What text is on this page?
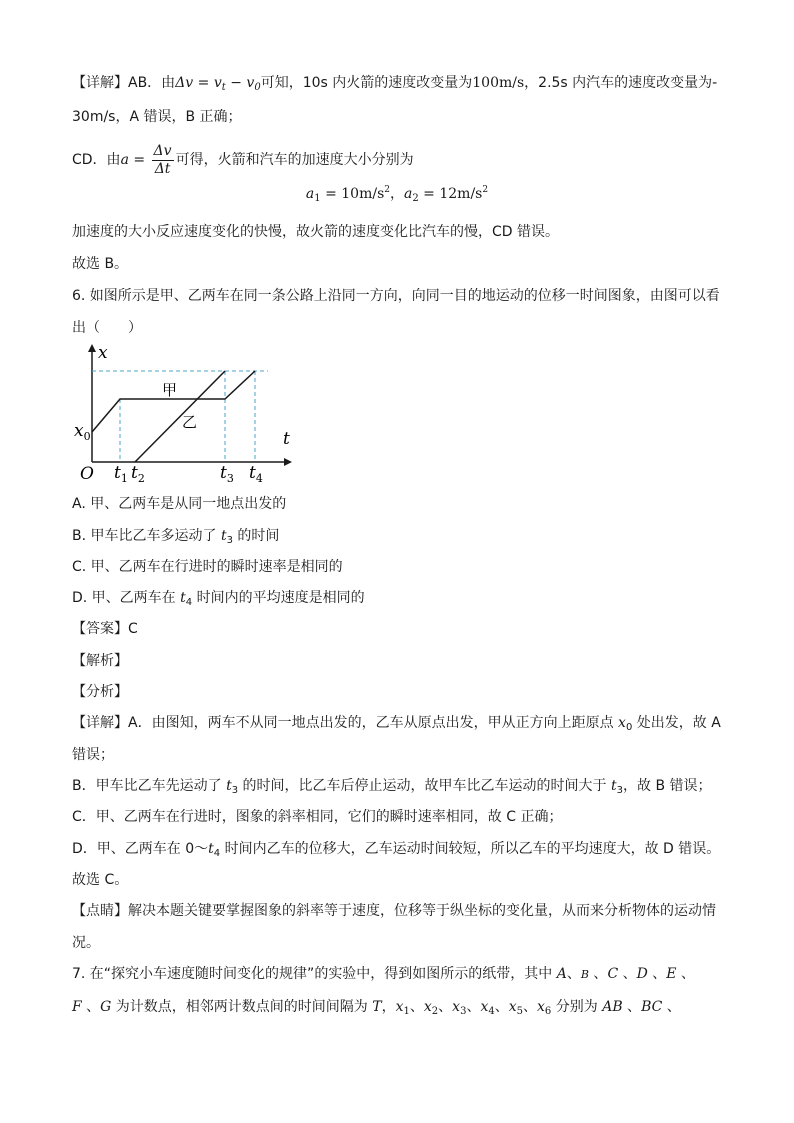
【详解】AB．由$\Delta v = v_t - v_0$可知，10s 内火箭的速度改变量为100m/s，2.5s 内汽车的速度改变量为-
30m/s，A 错误，B 正确；
CD．由$a = \frac{\Delta v}{\Delta t}$ 可得，火箭和汽车的加速度大小分别为
$a_1 = 10m/s^2$，$a_2 = 12m/s^2$
加速度的大小反应速度变化的快慢，故火箭的速度变化比汽车的慢，CD 错误。
故选 B。
6. 如图所示是甲、乙两车在同一条公路上沿同一方向，向同一目的地运动的位移一时间图象，由图可以看
出（　　）
x
t
O
$x_0$
甲
乙
$t_1$ $t_2$	$t_3$ $t_4$
A. 甲、乙两车是从同一地点出发的
B. 甲车比乙车多运动了 $t_3$ 的时间
C. 甲、乙两车在行进时的瞬时速率是相同的
D. 甲、乙两车在 $t_4$ 时间内的平均速度是相同的
【答案】C
【解析】
【分析】
【详解】A．由图知，两车不从同一地点出发的，乙车从原点出发，甲从正方向上距原点 $x_0$ 处出发，故 A
错误；
B．甲车比乙车先运动了 $t_3$ 的时间，比乙车后停止运动，故甲车比乙车运动的时间大于 $t_3$，故 B 错误；
C．甲、乙两车在行进时，图象的斜率相同，它们的瞬时速率相同，故 C 正确；
D．甲、乙两车在 $0\sim t_4$ 时间内乙车的位移大，乙车运动时间较短，所以乙车的平均速度大，故 D 错误。
故选 C。
【点睛】解决本题关键要掌握图象的斜率等于速度，位移等于纵坐标的变化量，从而来分析物体的运动情
况。
7. 在“探究小车速度随时间变化的规律”的实验中，得到如图所示的纸带，其中 A、B 、C 、D 、E 、
F 、G 为计数点，相邻两计数点间的时间间隔为 T，$x_1$、$x_2$、$x_3$、$x_4$、$x_5$、$x_6$ 分别为 AB 、BC 、
